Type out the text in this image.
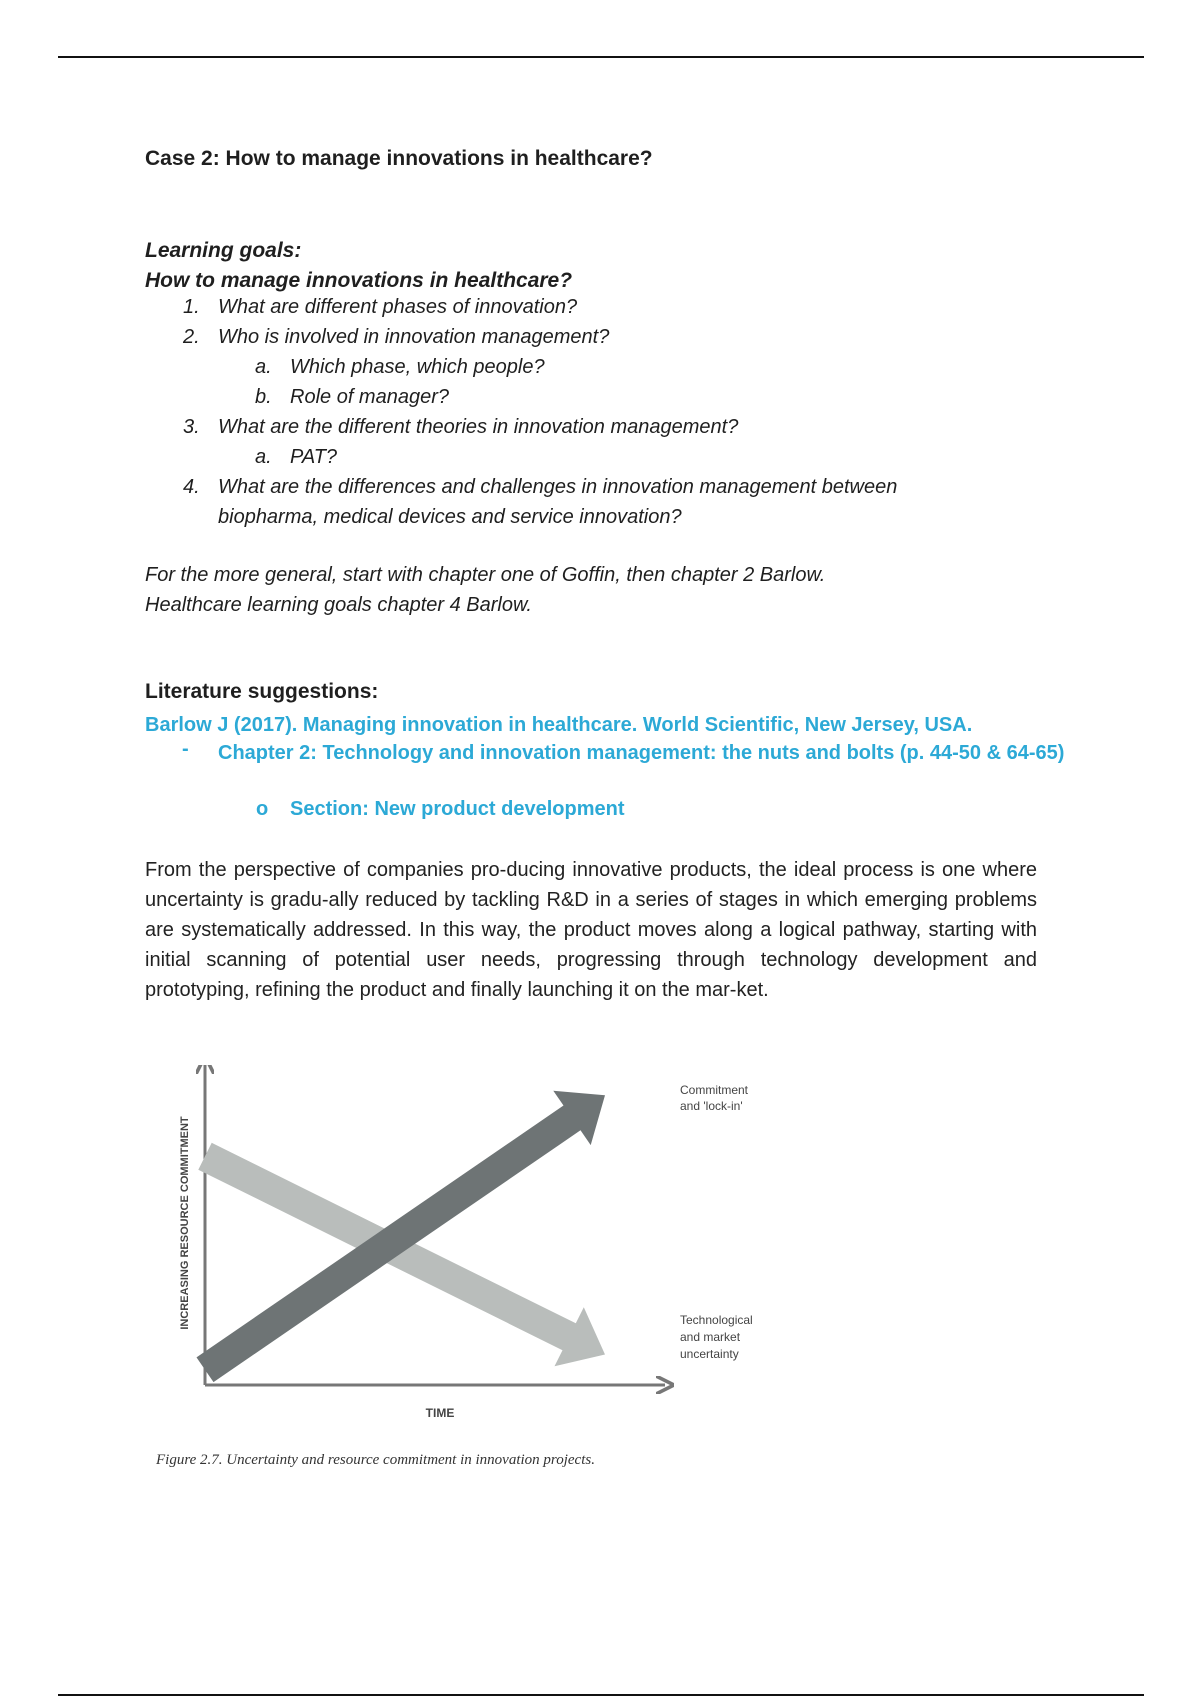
Case 2: How to manage innovations in healthcare?
Learning goals:
How to manage innovations in healthcare?
1. What are different phases of innovation?
2. Who is involved in innovation management?
a. Which phase, which people?
b. Role of manager?
3. What are the different theories in innovation management?
a. PAT?
4. What are the differences and challenges in innovation management between
biopharma, medical devices and service innovation?
For the more general, start with chapter one of Goffin, then chapter 2 Barlow.
Healthcare learning goals chapter 4 Barlow.
Literature suggestions:
Barlow J (2017). Managing innovation in healthcare. World Scientific, New Jersey, USA.
- Chapter 2: Technology and innovation management: the nuts and bolts (p. 44-50 & 64-65)
o Section: New product development
From the perspective of companies pro-ducing innovative products, the ideal process is one where uncertainty is gradu-ally reduced by tackling R&D in a series of stages in which emerging problems are systematically addressed. In this way, the product moves along a logical pathway, starting with initial scanning of potential user needs, progressing through technology development and prototyping, refining the product and finally launching it on the mar-ket.
TIME
INCREASING RESOURCE COMMITMENT
Commitment
and 'lock-in'
Technological
and market
uncertainty
Figure 2.7. Uncertainty and resource commitment in innovation projects.
